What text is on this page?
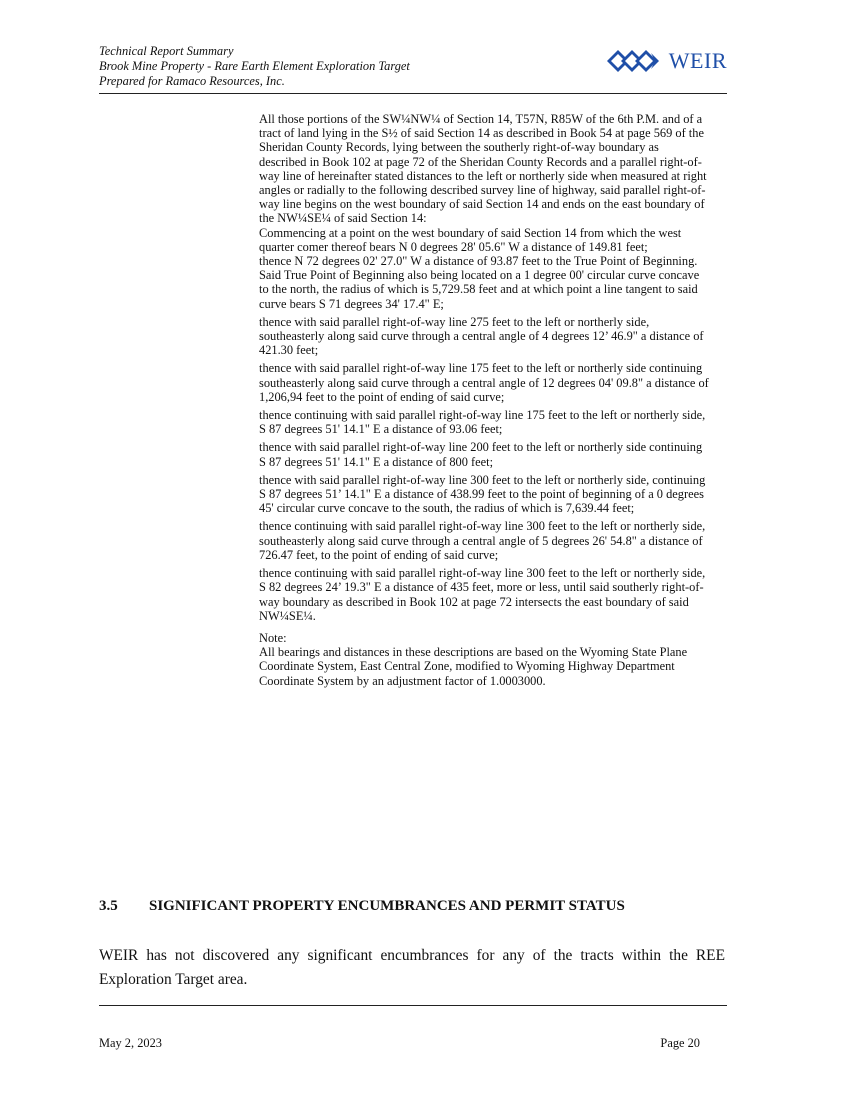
Technical Report Summary
Brook Mine Property - Rare Earth Element Exploration Target
Prepared for Ramaco Resources, Inc.
WEIR

All those portions of the SW¼NW¼ of Section 14, T57N, R85W of the 6th P.M. and of a tract of land lying in the S½ of said Section 14 as described in Book 54 at page 569 of the Sheridan County Records, lying between the southerly right-of-way boundary as described in Book 102 at page 72 of the Sheridan County Records and a parallel right-of-way line of hereinafter stated distances to the left or northerly side when measured at right angles or radially to the following described survey line of highway, said parallel right-of-way line begins on the west boundary of said Section 14 and ends on the east boundary of the NW¼SE¼ of said Section 14:

Commencing at a point on the west boundary of said Section 14 from which the west quarter comer thereof bears N 0 degrees 28' 05.6" W a distance of 149.81 feet;

thence N 72 degrees 02' 27.0" W a distance of 93.87 feet to the True Point of Beginning. Said True Point of Beginning also being located on a 1 degree 00' circular curve concave to the north, the radius of which is 5,729.58 feet and at which point a line tangent to said curve bears S 71 degrees 34' 17.4" E;

thence with said parallel right-of-way line 275 feet to the left or northerly side, southeasterly along said curve through a central angle of 4 degrees 12’ 46.9" a distance of 421.30 feet;

thence with said parallel right-of-way line 175 feet to the left or northerly side continuing southeasterly along said curve through a central angle of 12 degrees 04' 09.8" a distance of 1,206,94 feet to the point of ending of said curve;

thence continuing with said parallel right-of-way line 175 feet to the left or northerly side, S 87 degrees 51' 14.1" E a distance of 93.06 feet;

thence with said parallel right-of-way line 200 feet to the left or northerly side continuing S 87 degrees 51' 14.1" E a distance of 800 feet;

thence with said parallel right-of-way line 300 feet to the left or northerly side, continuing S 87 degrees 51’ 14.1" E a distance of 438.99 feet to the point of beginning of a 0 degrees 45' circular curve concave to the south, the radius of which is 7,639.44 feet;

thence continuing with said parallel right-of-way line 300 feet to the left or northerly side, southeasterly along said curve through a central angle of 5 degrees 26' 54.8" a distance of 726.47 feet, to the point of ending of said curve;

thence continuing with said parallel right-of-way line 300 feet to the left or northerly side, S 82 degrees 24’ 19.3" E a distance of 435 feet, more or less, until said southerly right-of-way boundary as described in Book 102 at page 72 intersects the east boundary of said NW¼SE¼.

Note:

All bearings and distances in these descriptions are based on the Wyoming State Plane Coordinate System, East Central Zone, modified to Wyoming Highway Department Coordinate System by an adjustment factor of 1.0003000.

3.5 SIGNIFICANT PROPERTY ENCUMBRANCES AND PERMIT STATUS
WEIR has not discovered any significant encumbrances for any of the tracts within the REE Exploration Target area.
May 2, 2023	Page 20
